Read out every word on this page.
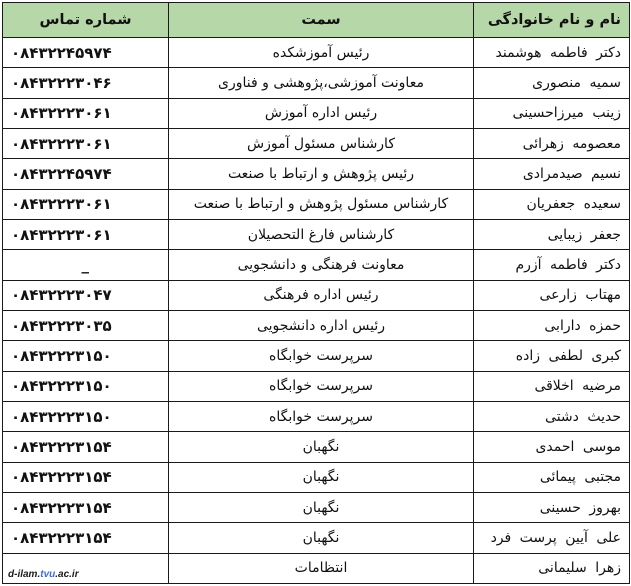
نام و نام خانوادگی	سمت	شماره تماس
دکتر فاطمه هوشمند	رئیس آموزشکده	۰۸۴۳۲۲۴۵۹۷۴
سمیه منصوری	معاونت آموزشی،پژوهشی و فناوری	۰۸۴۳۲۲۲۳۰۴۶
زینب میرزاحسینی	رئیس اداره آموزش	۰۸۴۳۲۲۲۳۰۶۱
معصومه زهرائی	کارشناس مسئول آموزش	۰۸۴۳۲۲۲۳۰۶۱
نسیم صیدمرادی	رئیس پژوهش و ارتباط با صنعت	۰۸۴۳۲۲۴۵۹۷۴
سعیده جعفریان	کارشناس مسئول پژوهش و ارتباط با صنعت	۰۸۴۳۲۲۲۳۰۶۱
جعفر زیبایی	کارشناس فارغ التحصیلان	۰۸۴۳۲۲۲۳۰۶۱
دکتر فاطمه آزرم	معاونت فرهنگی و دانشجویی	_
مهتاب زارعی	رئیس اداره فرهنگی	۰۸۴۳۲۲۲۳۰۴۷
حمزه دارابی	رئیس اداره دانشجویی	۰۸۴۳۲۲۲۳۰۳۵
کبری لطفی زاده	سرپرست خوابگاه	۰۸۴۳۲۲۲۳۱۵۰
مرضیه اخلاقی	سرپرست خوابگاه	۰۸۴۳۲۲۲۳۱۵۰
حدیث دشتی	سرپرست خوابگاه	۰۸۴۳۲۲۲۳۱۵۰
موسی احمدی	نگهبان	۰۸۴۳۲۲۲۳۱۵۴
مجتبی پیمائی	نگهبان	۰۸۴۳۲۲۲۳۱۵۴
بهروز حسینی	نگهبان	۰۸۴۳۲۲۲۳۱۵۴
علی آیین پرست فرد	نگهبان	۰۸۴۳۲۲۲۳۱۵۴
زهرا سلیمانی	انتظامات	
d-ilam.tvu.ac.ir
